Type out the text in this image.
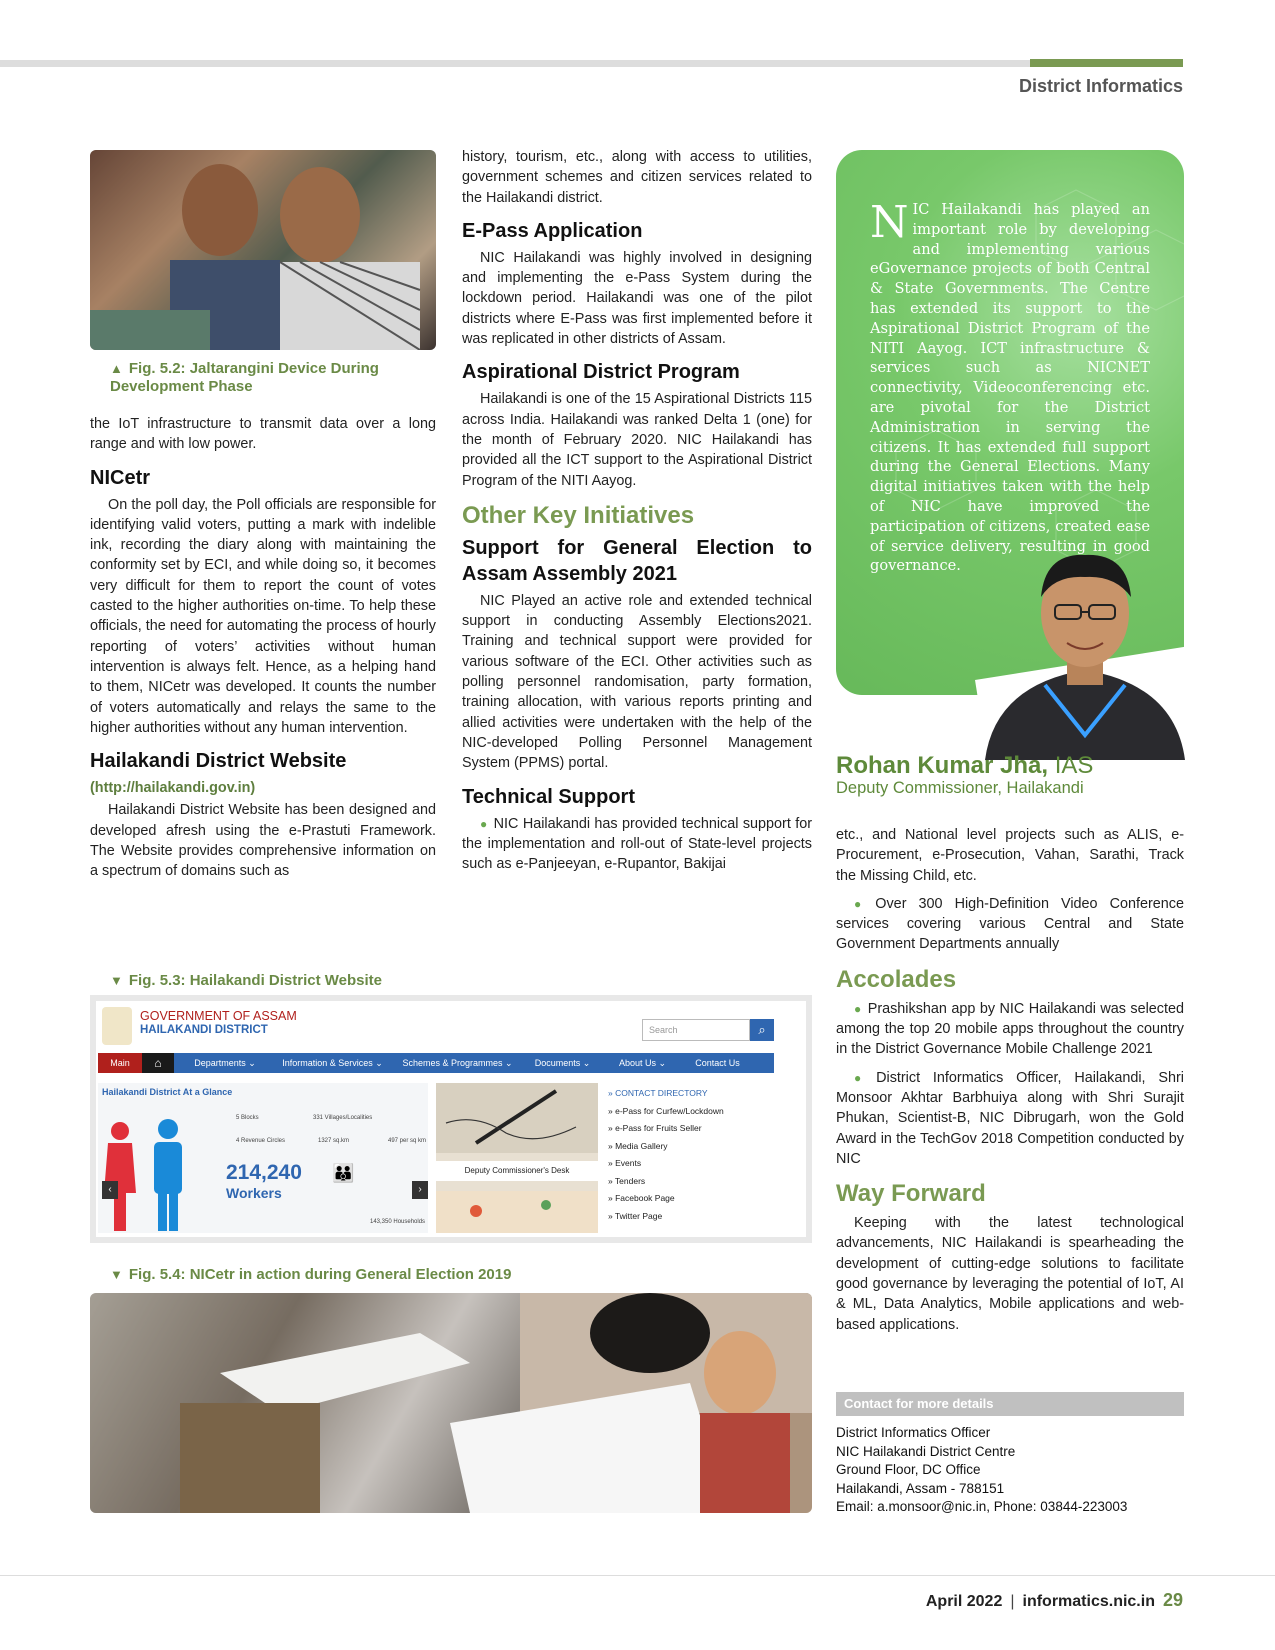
District Informatics
▲ Fig. 5.2: Jaltarangini Device During Development Phase

the IoT infrastructure to transmit data over a long range and with low power.

NICetr

On the poll day, the Poll officials are responsible for identifying valid voters, putting a mark with indelible ink, recording the diary along with maintaining the conformity set by ECI, and while doing so, it becomes very difficult for them to report the count of votes casted to the higher authorities on-time. To help these officials, the need for automating the process of hourly reporting of voters’ activities without human intervention is always felt. Hence, as a helping hand to them, NICetr was developed. It counts the number of voters automatically and relays the same to the higher authorities without any human intervention.

Hailakandi District Website

(http://hailakandi.gov.in)

Hailakandi District Website has been designed and developed afresh using the e-Prastuti Framework. The Website provides comprehensive information on a spectrum of domains such as

history, tourism, etc., along with access to utilities, government schemes and citizen services related to the Hailakandi district.

E-Pass Application

NIC Hailakandi was highly involved in designing and implementing the e-Pass System during the lockdown period. Hailakandi was one of the pilot districts where E-Pass was first implemented before it was replicated in other districts of Assam.

Aspirational District Program

Hailakandi is one of the 15 Aspirational Districts 115 across India. Hailakandi was ranked Delta 1 (one) for the month of February 2020. NIC Hailakandi has provided all the ICT support to the Aspirational District Program of the NITI Aayog.

Other Key Initiatives
Support for General Election to Assam Assembly 2021

NIC Played an active role and extended technical support in conducting Assembly Elections2021. Training and technical support were provided for various software of the ECI. Other activities such as polling personnel randomisation, party formation, training allocation, with various reports printing and allied activities were undertaken with the help of the NIC-developed Polling Personnel Management System (PPMS) portal.

Technical Support

● NIC Hailakandi has provided technical support for the implementation and roll-out of State-level projects such as e-Panjeeyan, e-Rupantor, Bakijai

NIC Hailakandi has played an important role by developing and implementing various eGovernance projects of both Central & State Governments. The Centre has extended its support to the Aspirational District Program of the NITI Aayog. ICT infrastructure & services such as NICNET connectivity, Videoconferencing etc. are pivotal for the District Administration in serving the citizens. It has extended full support during the General Elections. Many digital initiatives taken with the help of NIC have improved the participation of citizens, created ease of service delivery, resulting in good governance.
Rohan Kumar Jha, IAS
Deputy Commissioner, Hailakandi

etc., and National level projects such as ALIS, e-Procurement, e-Prosecution, Vahan, Sarathi, Track the Missing Child, etc.

● Over 300 High-Definition Video Conference services covering various Central and State Government Departments annually

Accolades

● Prashikshan app by NIC Hailakandi was selected among the top 20 mobile apps throughout the country in the District Governance Mobile Challenge 2021

● District Informatics Officer, Hailakandi, Shri Monsoor Akhtar Barbhuiya along with Shri Surajit Phukan, Scientist-B, NIC Dibrugarh, won the Gold Award in the TechGov 2018 Competition conducted by NIC

Way Forward

Keeping with the latest technological advancements, NIC Hailakandi is spearheading the development of cutting-edge solutions to facilitate good governance by leveraging the potential of IoT, AI & ML, Data Analytics, Mobile applications and web-based applications.

▼ Fig. 5.3: Hailakandi District Website
GOVERNMENT OF ASSAM
HAILAKANDI DISTRICT	Search	⌕
Main	⌂	Departments ⌄	Information & Services ⌄	Schemes & Programmes ⌄	Documents ⌄	About Us ⌄	Contact Us
Hailakandi District At a Glance
5 Blocks	331 Villages/Localities
4 Revenue Circles	1327 sq.km	497 per sq km
214,240
Workers
👪
143,350 Households
‹	›
Deputy Commissioner's Desk
» CONTACT DIRECTORY
» e-Pass for Curfew/Lockdown
» e-Pass for Fruits Seller
» Media Gallery
» Events
» Tenders
» Facebook Page
» Twitter Page
▼ Fig. 5.4: NICetr in action during General Election 2019
Contact for more details
District Informatics Officer
NIC Hailakandi District Centre
Ground Floor, DC Office
Hailakandi, Assam - 788151
Email: a.monsoor@nic.in, Phone: 03844-223003
April 2022 | informatics.nic.in 29
